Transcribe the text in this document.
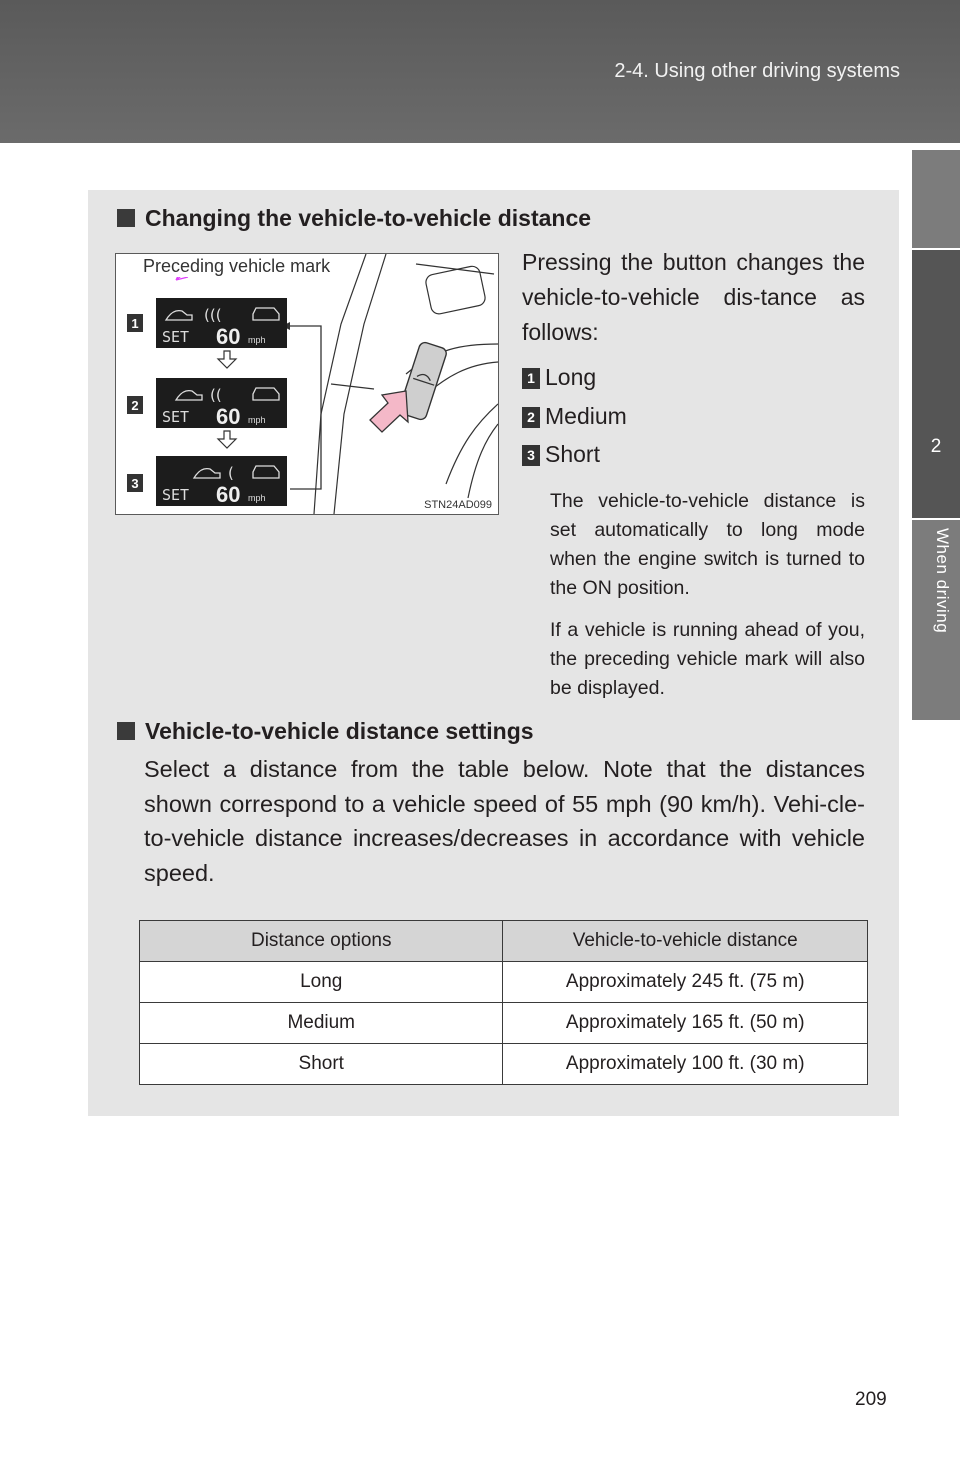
2-4. Using other driving systems
2
When driving
Changing the vehicle-to-vehicle distance
1
2
3
(((
SET 60 mph
((
SET 60 mph
(
SET 60 mph
Preceding vehicle mark
STN24AD099
Pressing the button changes the vehicle-to-vehicle dis-tance as follows:
1 Long
2 Medium
3 Short
The vehicle-to-vehicle distance is set automatically to long mode when the engine switch is turned to the ON position.
If a vehicle is running ahead of you, the preceding vehicle mark will also be displayed.
Vehicle-to-vehicle distance settings
Select a distance from the table below. Note that the distances shown correspond to a vehicle speed of 55 mph (90 km/h). Vehi-cle-to-vehicle distance increases/decreases in accordance with vehicle speed.
Distance options	Vehicle-to-vehicle distance
Long	Approximately 245 ft. (75 m)
Medium	Approximately 165 ft. (50 m)
Short	Approximately 100 ft. (30 m)
209
